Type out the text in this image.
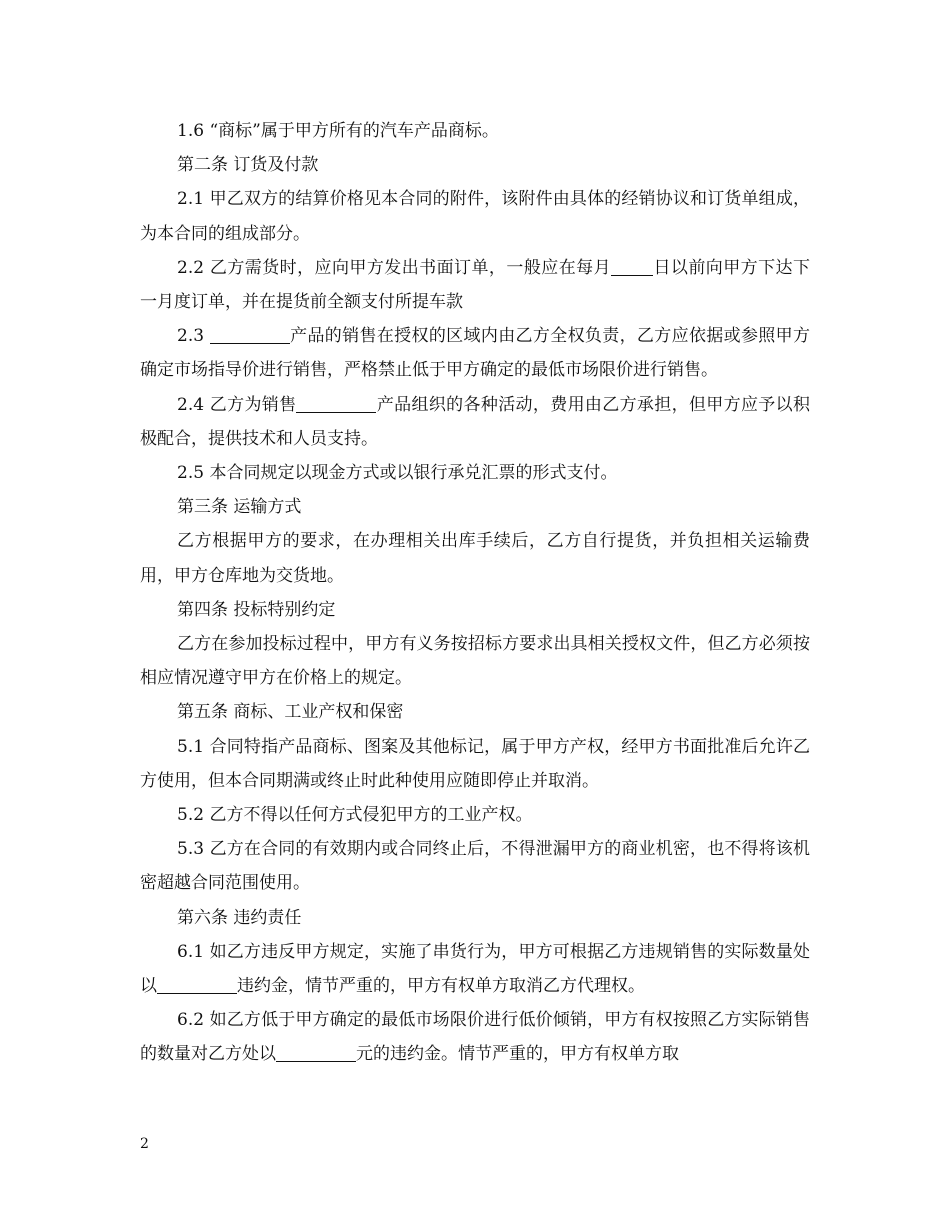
1.6 “商标”属于甲方所有的汽车产品商标。

第二条 订货及付款

2.1 甲乙双方的结算价格见本合同的附件，该附件由具体的经销协议和订货单组成，为本合同的组成部分。

2.2 乙方需货时，应向甲方发出书面订单，一般应在每月 日以前向甲方下达下一月度订单，并在提货前全额支付所提车款

2.3	产品的销售在授权的区域内由乙方全权负责，乙方应依据或参照甲方确定市场指导价进行销售，严格禁止低于甲方确定的最低市场限价进行销售。

2.4 乙方为销售	产品组织的各种活动，费用由乙方承担，但甲方应予以积极配合，提供技术和人员支持。

2.5 本合同规定以现金方式或以银行承兑汇票的形式支付。

第三条 运输方式

乙方根据甲方的要求，在办理相关出库手续后，乙方自行提货，并负担相关运输费用，甲方仓库地为交货地。

第四条 投标特别约定

乙方在参加投标过程中，甲方有义务按招标方要求出具相关授权文件，但乙方必须按相应情况遵守甲方在价格上的规定。

第五条 商标、工业产权和保密

5.1 合同特指产品商标、图案及其他标记，属于甲方产权，经甲方书面批准后允许乙方使用，但本合同期满或终止时此种使用应随即停止并取消。

5.2 乙方不得以任何方式侵犯甲方的工业产权。

5.3 乙方在合同的有效期内或合同终止后，不得泄漏甲方的商业机密，也不得将该机密超越合同范围使用。

第六条 违约责任

6.1 如乙方违反甲方规定，实施了串货行为，甲方可根据乙方违规销售的实际数量处以	违约金，情节严重的，甲方有权单方取消乙方代理权。

6.2 如乙方低于甲方确定的最低市场限价进行低价倾销，甲方有权按照乙方实际销售的数量对乙方处以	元的违约金。情节严重的，甲方有权单方取

2
